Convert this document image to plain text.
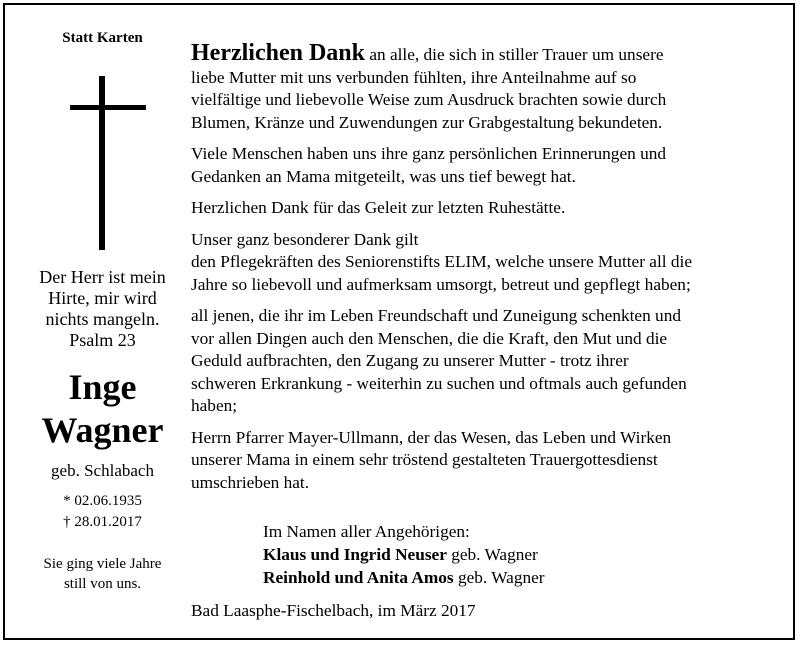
Statt Karten
Der Herr ist mein
Hirte, mir wird
nichts mangeln.
Psalm 23
Inge
Wagner
geb. Schlabach
* 02.06.1935
† 28.01.2017
Sie ging viele Jahre
still von uns.

Herzlichen Dank an alle, die sich in stiller Trauer um unsere
liebe Mutter mit uns verbunden fühlten, ihre Anteilnahme auf so
vielfältige und liebevolle Weise zum Ausdruck brachten sowie durch
Blumen, Kränze und Zuwendungen zur Grabgestaltung bekundeten.

Viele Menschen haben uns ihre ganz persönlichen Erinnerungen und
Gedanken an Mama mitgeteilt, was uns tief bewegt hat.

Herzlichen Dank für das Geleit zur letzten Ruhestätte.

Unser ganz besonderer Dank gilt
den Pflegekräften des Seniorenstifts ELIM, welche unsere Mutter all die
Jahre so liebevoll und aufmerksam umsorgt, betreut und gepflegt haben;

all jenen, die ihr im Leben Freundschaft und Zuneigung schenkten und
vor allen Dingen auch den Menschen, die die Kraft, den Mut und die
Geduld aufbrachten, den Zugang zu unserer Mutter - trotz ihrer
schweren Erkrankung - weiterhin zu suchen und oftmals auch gefunden
haben;

Herrn Pfarrer Mayer-Ullmann, der das Wesen, das Leben und Wirken
unserer Mama in einem sehr tröstend gestalteten Trauergottesdienst
umschrieben hat.

Im Namen aller Angehörigen:
Klaus und Ingrid Neuser geb. Wagner
Reinhold und Anita Amos geb. Wagner
Bad Laasphe-Fischelbach, im März 2017
